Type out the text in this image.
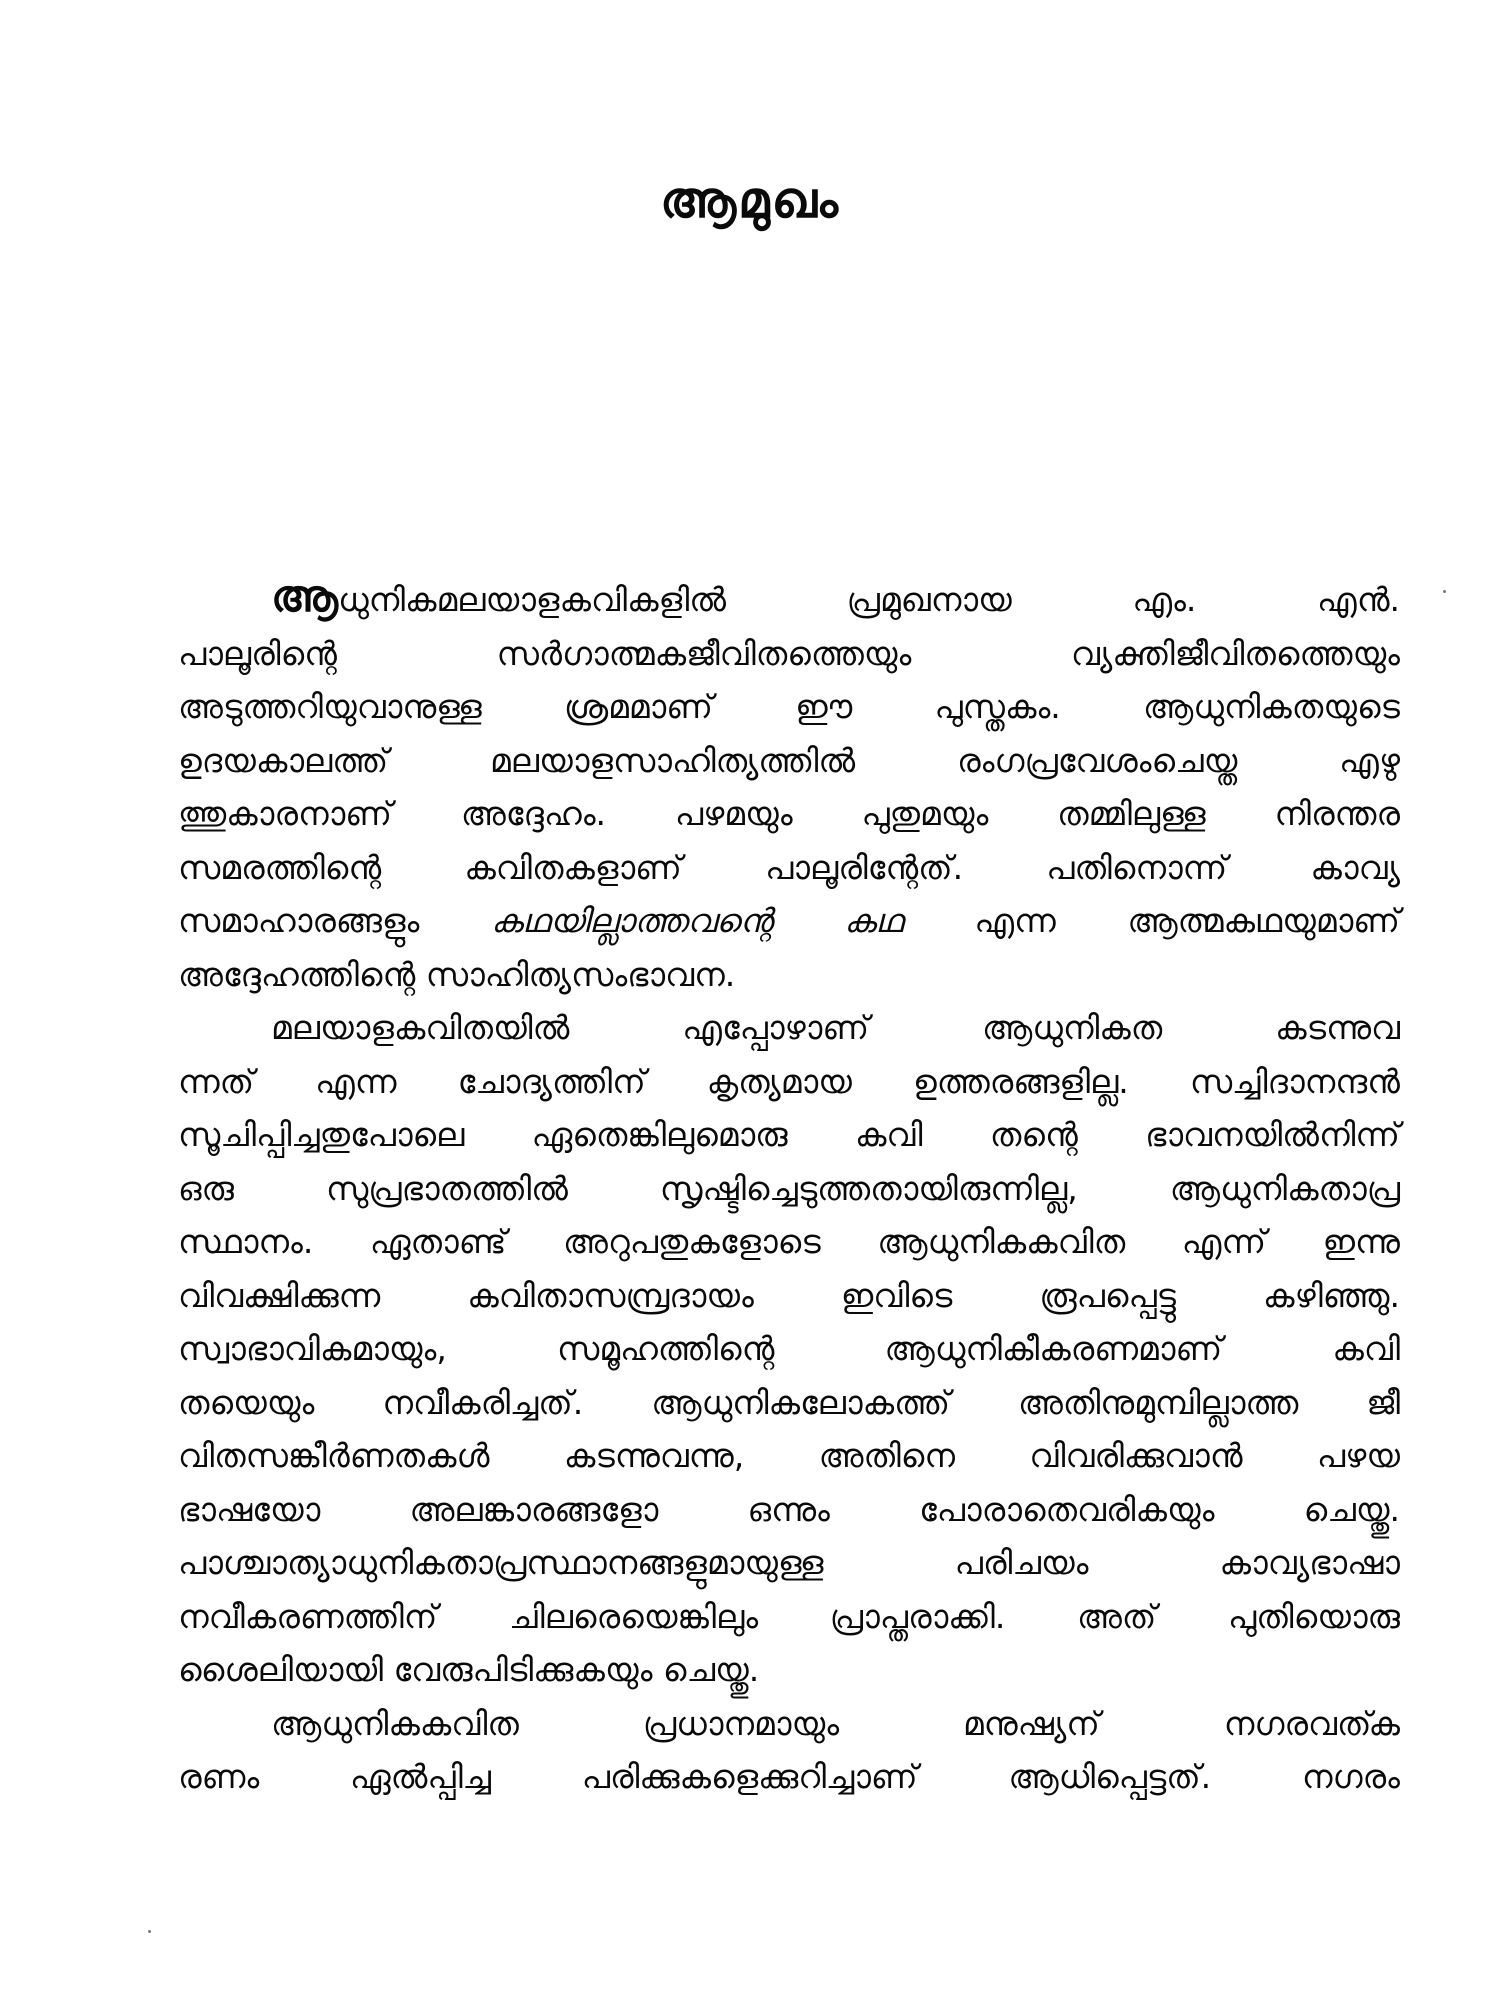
ആമുഖം

ആധുനികമലയാളകവികളിൽ പ്രമുഖനായ എം. എൻ.
പാലൂരിന്റെ സർഗാത്മകജീവിതത്തെയും വ്യക്തിജീവിതത്തെയും
അടുത്തറിയുവാനുള്ള ശ്രമമാണ് ഈ പുസ്തകം. ആധുനികതയുടെ
ഉദയകാലത്ത് മലയാളസാഹിത്യത്തിൽ രംഗപ്രവേശംചെയ്ത എഴു
ത്തുകാരനാണ് അദ്ദേഹം. പഴമയും പുതുമയും തമ്മിലുള്ള നിരന്തര
സമരത്തിന്റെ കവിതകളാണ് പാലൂരിന്റേത്. പതിനൊന്ന് കാവ്യ
സമാഹാരങ്ങളും കഥയില്ലാത്തവന്റെ കഥ എന്ന ആത്മകഥയുമാണ്
അദ്ദേഹത്തിന്റെ സാഹിത്യസംഭാവന.

മലയാളകവിതയിൽ എപ്പോഴാണ് ആധുനികത കടന്നുവ
ന്നത് എന്ന ചോദ്യത്തിന് കൃത്യമായ ഉത്തരങ്ങളില്ല. സച്ചിദാനന്ദൻ
സൂചിപ്പിച്ചതുപോലെ ഏതെങ്കിലുമൊരു കവി തന്റെ ഭാവനയിൽനിന്ന്
ഒരു സുപ്രഭാതത്തിൽ സൃഷ്ടിച്ചെടുത്തതായിരുന്നില്ല, ആധുനികതാപ്ര
സ്ഥാനം. ഏതാണ്ട് അറുപതുകളോടെ ആധുനികകവിത എന്ന് ഇന്നു
വിവക്ഷിക്കുന്ന കവിതാസമ്പ്രദായം ഇവിടെ രൂപപ്പെട്ടു കഴിഞ്ഞു.
സ്വാഭാവികമായും, സമൂഹത്തിന്റെ ആധുനികീകരണമാണ് കവി
തയെയും നവീകരിച്ചത്. ആധുനികലോകത്ത് അതിനുമുമ്പില്ലാത്ത ജീ
വിതസങ്കീർണതകൾ കടന്നുവന്നു, അതിനെ വിവരിക്കുവാൻ പഴയ
ഭാഷയോ അലങ്കാരങ്ങളോ ഒന്നും പോരാതെവരികയും ചെയ്തു.
പാശ്ചാത്യാധുനികതാപ്രസ്ഥാനങ്ങളുമായുള്ള പരിചയം കാവ്യഭാഷാ
നവീകരണത്തിന് ചിലരെയെങ്കിലും പ്രാപ്തരാക്കി. അത് പുതിയൊരു
ശൈലിയായി വേരുപിടിക്കുകയും ചെയ്തു.

ആധുനികകവിത പ്രധാനമായും മനുഷ്യന് നഗരവത്ക
രണം ഏൽപ്പിച്ച പരിക്കുകളെക്കുറിച്ചാണ് ആധിപ്പെട്ടത്. നഗരം
